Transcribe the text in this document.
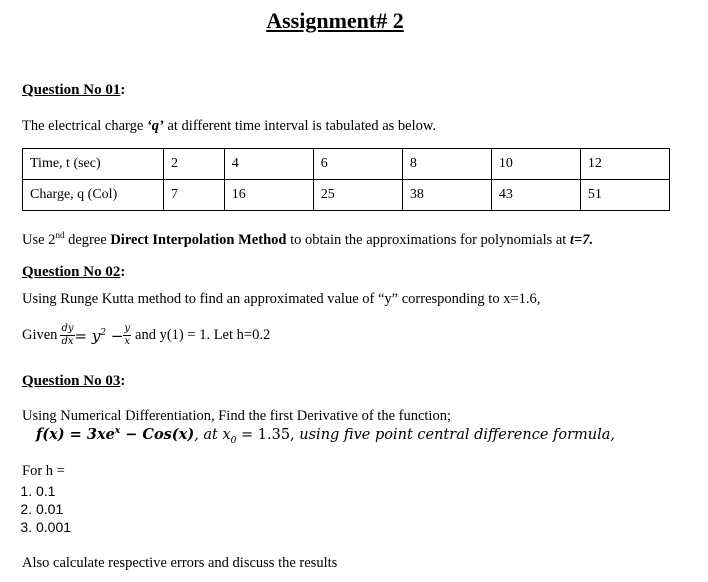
Assignment# 2
Question No 01:
The electrical charge ‘q’ at different time interval is tabulated as below.
Time, t (sec)	2	4	6	8	10	12
Charge, q (Col)	7	16	25	38	43	51
Use 2nd degree Direct Interpolation Method to obtain the approximations for polynomials at t=7.
Question No 02:
Using Runge Kutta method to find an approximated value of “y” corresponding to x=1.6,
Given $\frac{dy}{dx} = y^2 - \frac{y}{x}$ and y(1) = 1. Let h=0.2
Question No 03:
Using Numerical Differentiation, Find the first Derivative of the function;
$f(x) = 3xe^x - Cos(x)$, at $x_0 = 1.35$, using five point central difference formula,
For h =
1. 0.1
2. 0.01
3. 0.001
Also calculate respective errors and discuss the results
